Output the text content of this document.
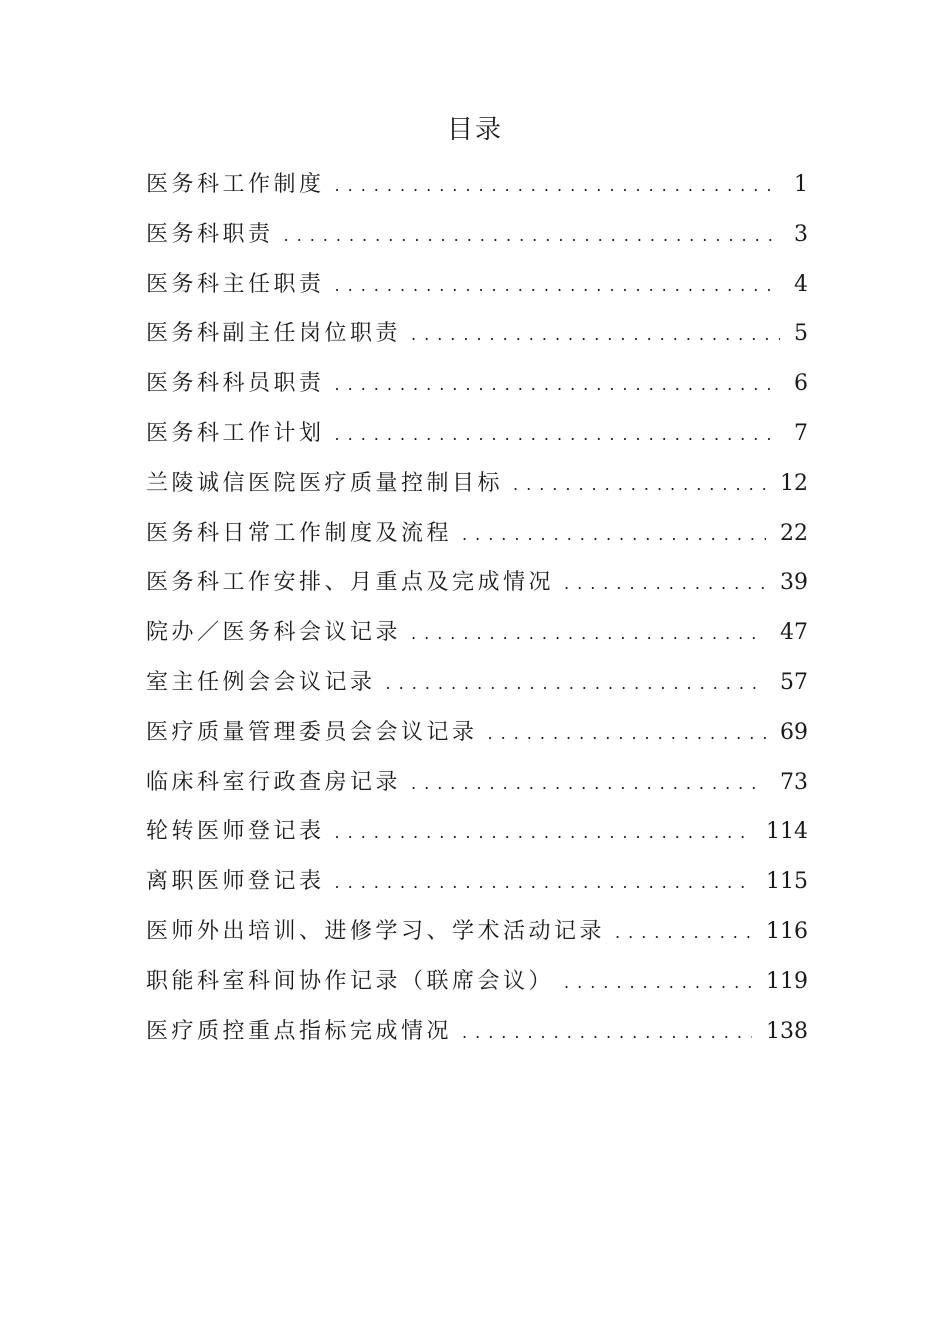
目录
医务科工作制度 .....	1
医务科职责 .....	3
医务科主任职责 .....	4
医务科副主任岗位职责 .....	5
医务科科员职责 .....	6
医务科工作计划 .....	7
兰陵诚信医院医疗质量控制目标 .....	12
医务科日常工作制度及流程 .....	22
医务科工作安排、月重点及完成情况 .....	39
院办／医务科会议记录 .....	47
室主任例会会议记录 .....	57
医疗质量管理委员会会议记录 .....	69
临床科室行政查房记录 .....	73
轮转医师登记表 .....	114
离职医师登记表 .....	115
医师外出培训、进修学习、学术活动记录 .....	116
职能科室科间协作记录（联席会议） .....	119
医疗质控重点指标完成情况 .....	138
